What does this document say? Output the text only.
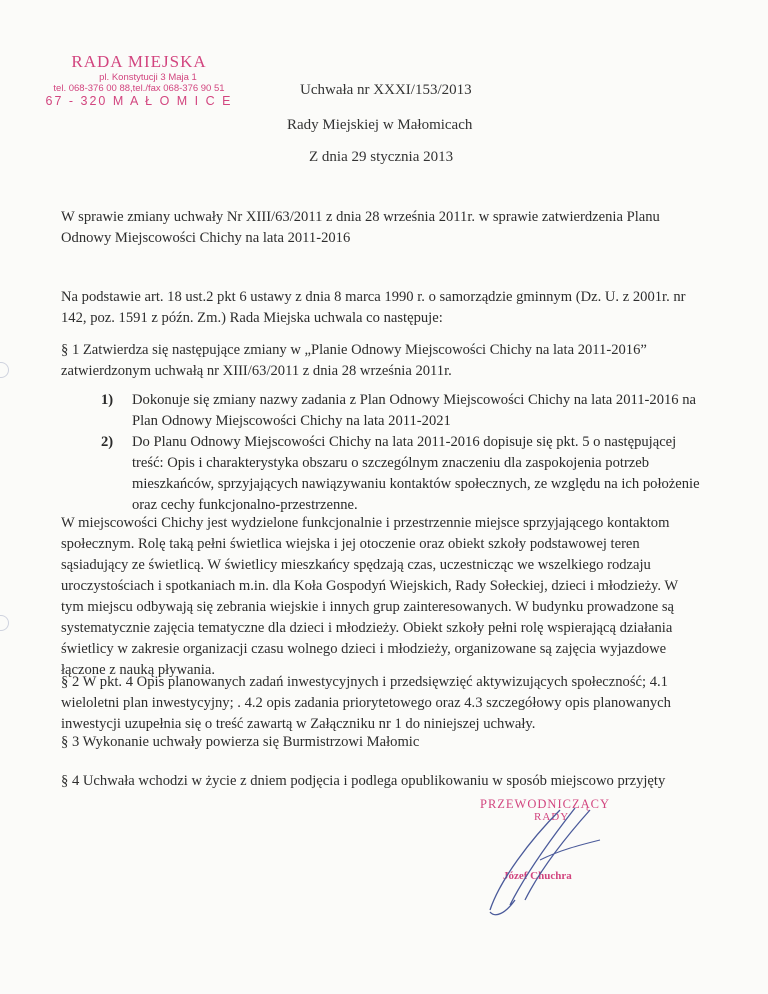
RADA MIEJSKA
pl. Konstytucji 3 Maja 1
tel. 068-376 00 88,tel./fax 068-376 90 51
67 - 320 M A Ł O M I C E
Uchwała nr XXXI/153/2013
Rady Miejskiej w Małomicach
Z dnia 29 stycznia 2013
W sprawie zmiany uchwały Nr XIII/63/2011 z dnia 28 września 2011r. w sprawie zatwierdzenia Planu Odnowy Miejscowości Chichy na lata 2011-2016
Na podstawie art. 18 ust.2 pkt 6 ustawy z dnia 8 marca 1990 r. o samorządzie gminnym (Dz. U. z 2001r. nr 142, poz. 1591 z późn. Zm.) Rada Miejska uchwala co następuje:
§ 1 Zatwierdza się następujące zmiany w „Planie Odnowy Miejscowości Chichy na lata 2011-2016” zatwierdzonym uchwałą nr XIII/63/2011 z dnia 28 września 2011r.
1) Dokonuje się zmiany nazwy zadania z Plan Odnowy Miejscowości Chichy na lata 2011-2016 na Plan Odnowy Miejscowości Chichy na lata 2011-2021
2) Do Planu Odnowy Miejscowości Chichy na lata 2011-2016 dopisuje się pkt. 5 o następującej treść: Opis i charakterystyka obszaru o szczególnym znaczeniu dla zaspokojenia potrzeb mieszkańców, sprzyjających nawiązywaniu kontaktów społecznych, ze względu na ich położenie oraz cechy funkcjonalno-przestrzenne.
W miejscowości Chichy jest wydzielone funkcjonalnie i przestrzennie miejsce sprzyjającego kontaktom społecznym. Rolę taką pełni świetlica wiejska i jej otoczenie oraz obiekt szkoły podstawowej teren sąsiadujący ze świetlicą. W świetlicy mieszkańcy spędzają czas, uczestnicząc we wszelkiego rodzaju uroczystościach i spotkaniach m.in. dla Koła Gospodyń Wiejskich, Rady Sołeckiej, dzieci i młodzieży. W tym miejscu odbywają się zebrania wiejskie i innych grup zainteresowanych. W budynku prowadzone są systematycznie zajęcia tematyczne dla dzieci i młodzieży. Obiekt szkoły pełni rolę wspierającą działania świetlicy w zakresie organizacji czasu wolnego dzieci i młodzieży, organizowane są zajęcia wyjazdowe łączone z nauką pływania.
§ 2 W pkt. 4 Opis planowanych zadań inwestycyjnych i przedsięwzięć aktywizujących społeczność; 4.1 wieloletni plan inwestycyjny; . 4.2 opis zadania priorytetowego oraz 4.3 szczegółowy opis planowanych inwestycji uzupełnia się o treść zawartą w Załączniku nr 1 do niniejszej uchwały.
§ 3 Wykonanie uchwały powierza się Burmistrzowi Małomic
§ 4 Uchwała wchodzi w życie z dniem podjęcia i podlega opublikowaniu w sposób miejscowo przyjęty
PRZEWODNICZĄCY
RADY
Józef Chuchra
